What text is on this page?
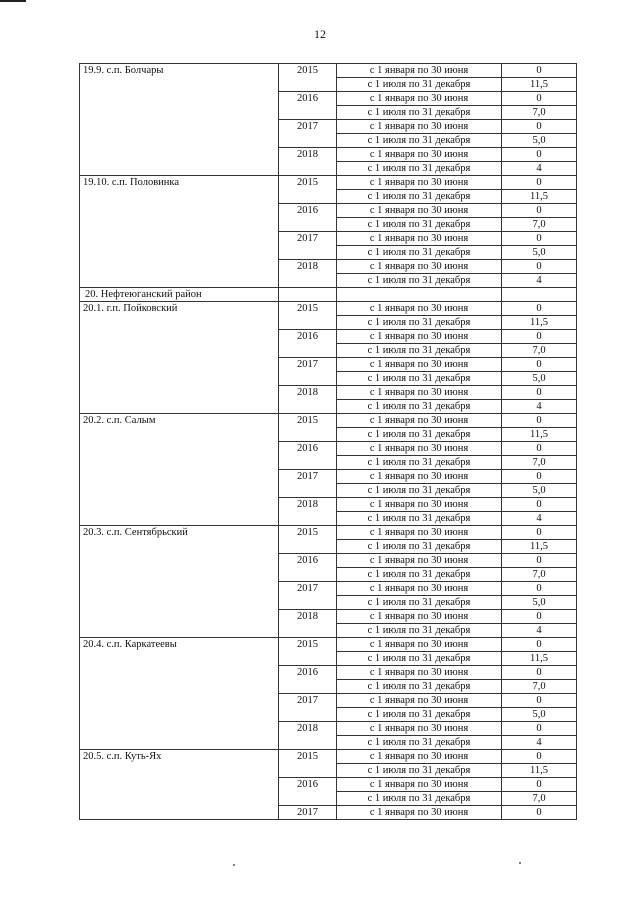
12
19.9. с.п. Болчары	2015	с 1 января по 30 июня	0
		с 1 июля по 31 декабря	11,5
	2016	с 1 января по 30 июня	0
		с 1 июля по 31 декабря	7,0
	2017	с 1 января по 30 июня	0
		с 1 июля по 31 декабря	5,0
	2018	с 1 января по 30 июня	0
		с 1 июля по 31 декабря	4
19.10. с.п. Половинка	2015	с 1 января по 30 июня	0
		с 1 июля по 31 декабря	11,5
	2016	с 1 января по 30 июня	0
		с 1 июля по 31 декабря	7,0
	2017	с 1 января по 30 июня	0
		с 1 июля по 31 декабря	5,0
	2018	с 1 января по 30 июня	0
		с 1 июля по 31 декабря	4
20. Нефтеюганский район			
20.1. г.п. Пойковский	2015	с 1 января по 30 июня	0
		с 1 июля по 31 декабря	11,5
	2016	с 1 января по 30 июня	0
		с 1 июля по 31 декабря	7,0
	2017	с 1 января по 30 июня	0
		с 1 июля по 31 декабря	5,0
	2018	с 1 января по 30 июня	0
		с 1 июля по 31 декабря	4
20.2. с.п. Салым	2015	с 1 января по 30 июня	0
		с 1 июля по 31 декабря	11,5
	2016	с 1 января по 30 июня	0
		с 1 июля по 31 декабря	7,0
	2017	с 1 января по 30 июня	0
		с 1 июля по 31 декабря	5,0
	2018	с 1 января по 30 июня	0
		с 1 июля по 31 декабря	4
20.3. с.п. Сентябрьский	2015	с 1 января по 30 июня	0
		с 1 июля по 31 декабря	11,5
	2016	с 1 января по 30 июня	0
		с 1 июля по 31 декабря	7,0
	2017	с 1 января по 30 июня	0
		с 1 июля по 31 декабря	5,0
	2018	с 1 января по 30 июня	0
		с 1 июля по 31 декабря	4
20.4. с.п. Каркатеевы	2015	с 1 января по 30 июня	0
		с 1 июля по 31 декабря	11,5
	2016	с 1 января по 30 июня	0
		с 1 июля по 31 декабря	7,0
	2017	с 1 января по 30 июня	0
		с 1 июля по 31 декабря	5,0
	2018	с 1 января по 30 июня	0
		с 1 июля по 31 декабря	4
20.5. с.п. Куть-Ях	2015	с 1 января по 30 июня	0
		с 1 июля по 31 декабря	11,5
	2016	с 1 января по 30 июня	0
		с 1 июля по 31 декабря	7,0
	2017	с 1 января по 30 июня	0
